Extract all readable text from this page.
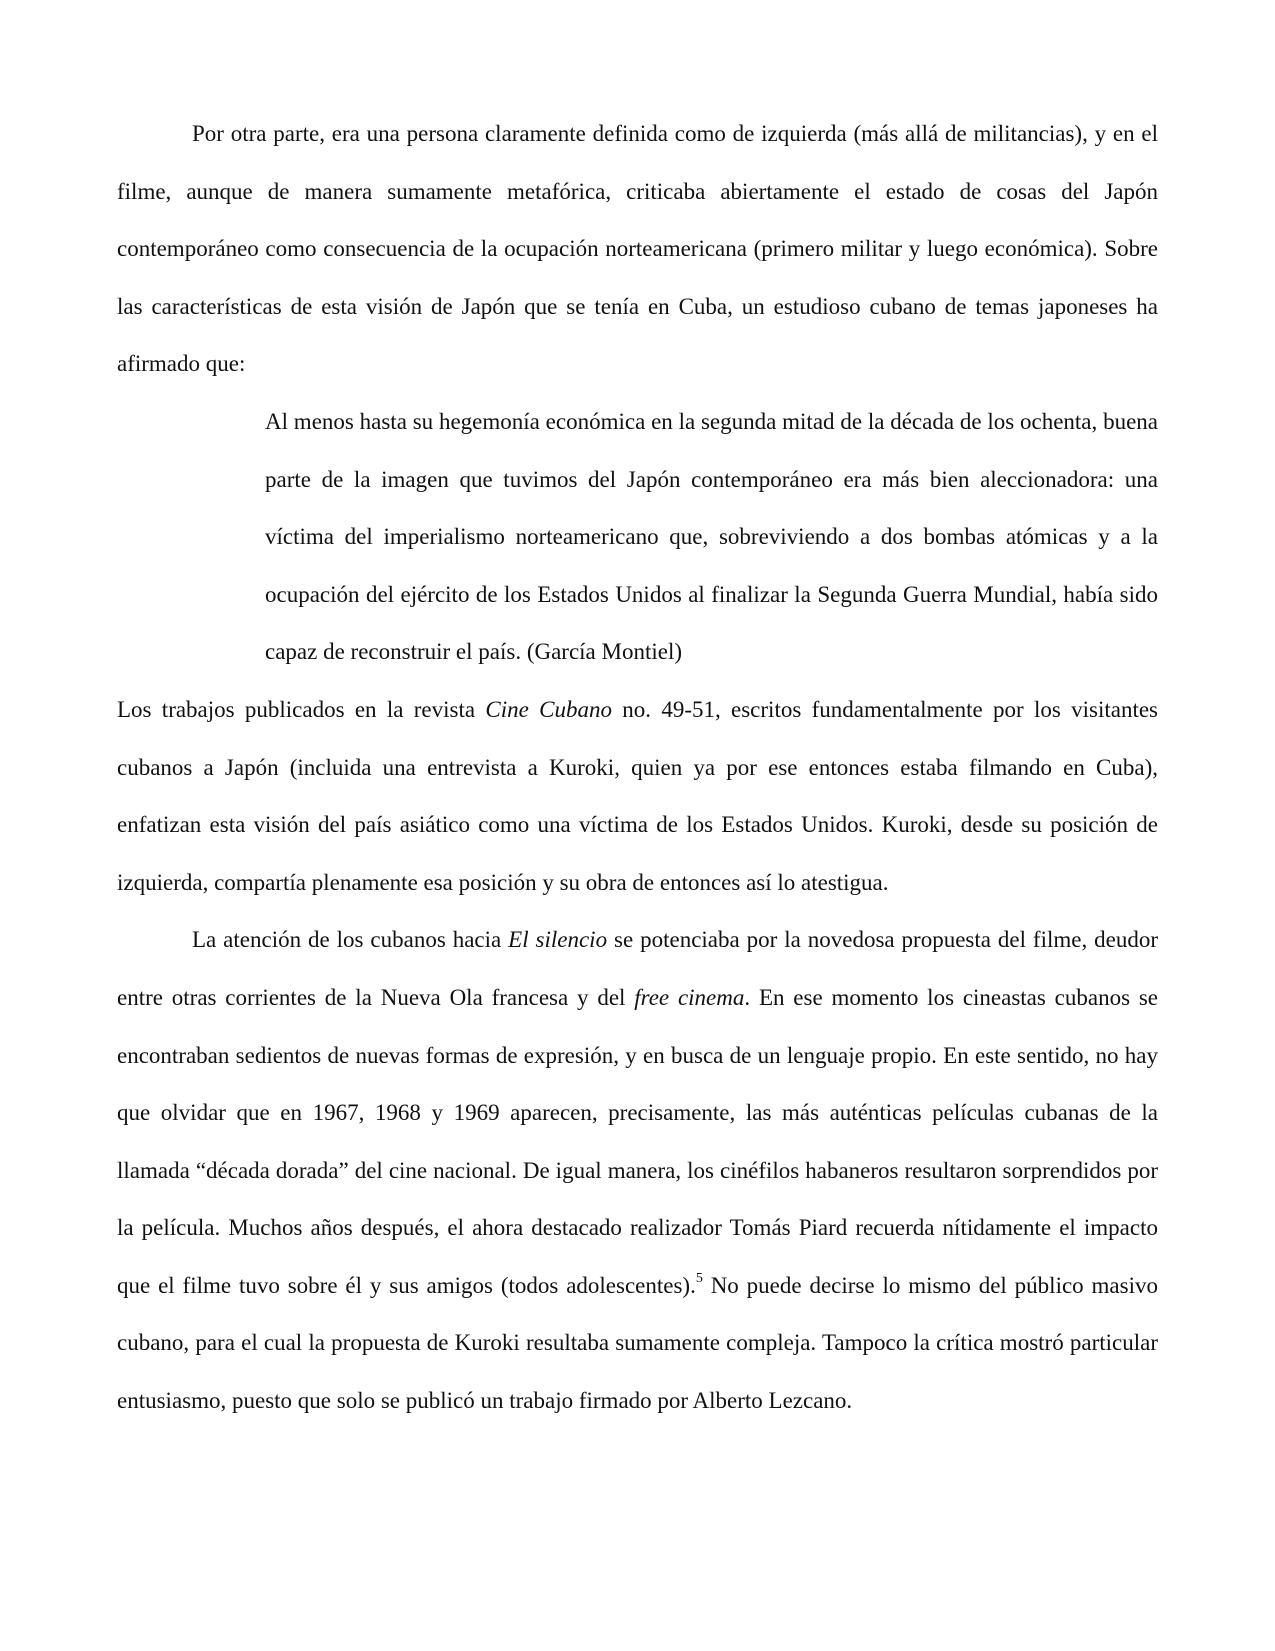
Por otra parte, era una persona claramente definida como de izquierda (más allá de militancias), y en el filme, aunque de manera sumamente metafórica, criticaba abiertamente el estado de cosas del Japón contemporáneo como consecuencia de la ocupación norteamericana (primero militar y luego económica). Sobre las características de esta visión de Japón que se tenía en Cuba, un estudioso cubano de temas japoneses ha afirmado que:

Al menos hasta su hegemonía económica en la segunda mitad de la década de los ochenta, buena parte de la imagen que tuvimos del Japón contemporáneo era más bien aleccionadora: una víctima del imperialismo norteamericano que, sobreviviendo a dos bombas atómicas y a la ocupación del ejército de los Estados Unidos al finalizar la Segunda Guerra Mundial, había sido capaz de reconstruir el país. (García Montiel)

Los trabajos publicados en la revista Cine Cubano no. 49-51, escritos fundamentalmente por los visitantes cubanos a Japón (incluida una entrevista a Kuroki, quien ya por ese entonces estaba filmando en Cuba), enfatizan esta visión del país asiático como una víctima de los Estados Unidos. Kuroki, desde su posición de izquierda, compartía plenamente esa posición y su obra de entonces así lo atestigua.

La atención de los cubanos hacia El silencio se potenciaba por la novedosa propuesta del filme, deudor entre otras corrientes de la Nueva Ola francesa y del free cinema. En ese momento los cineastas cubanos se encontraban sedientos de nuevas formas de expresión, y en busca de un lenguaje propio. En este sentido, no hay que olvidar que en 1967, 1968 y 1969 aparecen, precisamente, las más auténticas películas cubanas de la llamada “década dorada” del cine nacional. De igual manera, los cinéfilos habaneros resultaron sorprendidos por la película. Muchos años después, el ahora destacado realizador Tomás Piard recuerda nítidamente el impacto que el filme tuvo sobre él y sus amigos (todos adolescentes).$^5$ No puede decirse lo mismo del público masivo cubano, para el cual la propuesta de Kuroki resultaba sumamente compleja. Tampoco la crítica mostró particular entusiasmo, puesto que solo se publicó un trabajo firmado por Alberto Lezcano.
